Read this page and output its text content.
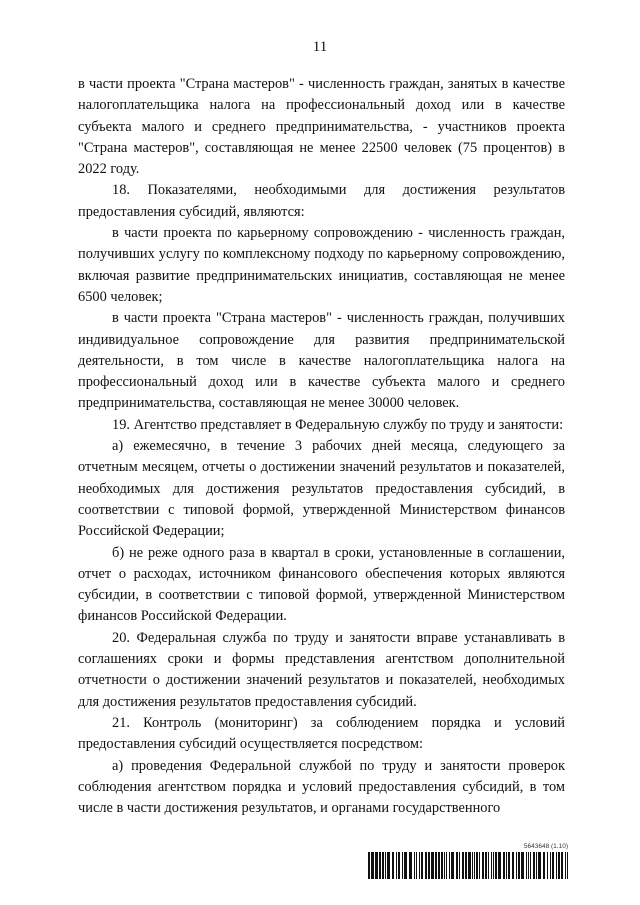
11

в части проекта "Страна мастеров" - численность граждан, занятых в качестве налогоплательщика налога на профессиональный доход или в качестве субъекта малого и среднего предпринимательства, - участников проекта "Страна мастеров", составляющая не менее 22500 человек (75 процентов) в 2022 году.

18. Показателями, необходимыми для достижения результатов предоставления субсидий, являются:

в части проекта по карьерному сопровождению - численность граждан, получивших услугу по комплексному подходу по карьерному сопровождению, включая развитие предпринимательских инициатив, составляющая не менее 6500 человек;

в части проекта "Страна мастеров" - численность граждан, получивших индивидуальное сопровождение для развития предпринимательской деятельности, в том числе в качестве налогоплательщика налога на профессиональный доход или в качестве субъекта малого и среднего предпринимательства, составляющая не менее 30000 человек.

19. Агентство представляет в Федеральную службу по труду и занятости:

а) ежемесячно, в течение 3 рабочих дней месяца, следующего за отчетным месяцем, отчеты о достижении значений результатов и показателей, необходимых для достижения результатов предоставления субсидий, в соответствии с типовой формой, утвержденной Министерством финансов Российской Федерации;

б) не реже одного раза в квартал в сроки, установленные в соглашении, отчет о расходах, источником финансового обеспечения которых являются субсидии, в соответствии с типовой формой, утвержденной Министерством финансов Российской Федерации.

20. Федеральная служба по труду и занятости вправе устанавливать в соглашениях сроки и формы представления агентством дополнительной отчетности о достижении значений результатов и показателей, необходимых для достижения результатов предоставления субсидий.

21. Контроль (мониторинг) за соблюдением порядка и условий предоставления субсидий осуществляется посредством:

а) проведения Федеральной службой по труду и занятости проверок соблюдения агентством порядка и условий предоставления субсидий, в том числе в части достижения результатов, и органами государственного

5643648 (1.10)
